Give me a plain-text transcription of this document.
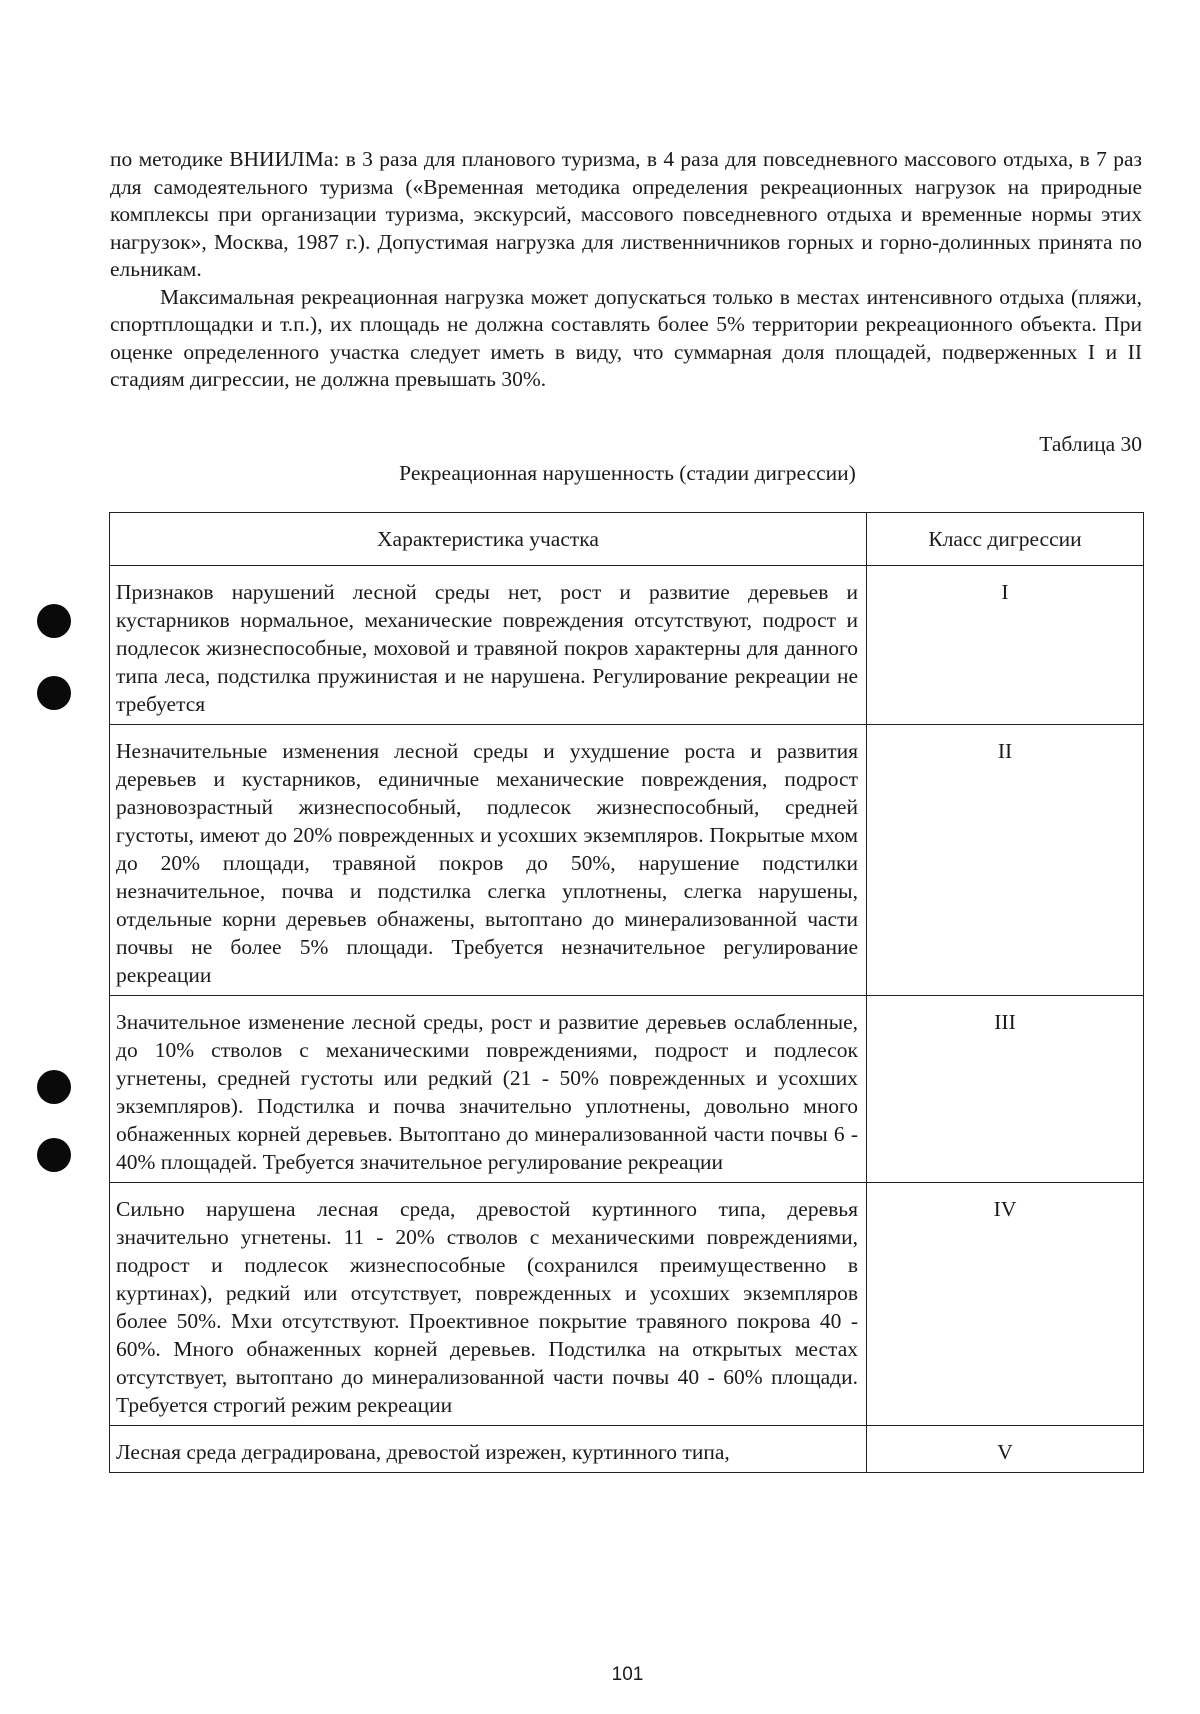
по методике ВНИИЛМа: в 3 раза для планового туризма, в 4 раза для повседневного массового отдыха, в 7 раз для самодеятельного туризма («Временная методика определения рекреационных нагрузок на природные комплексы при организации туризма, экскурсий, массового повседневного отдыха и временные нормы этих нагрузок», Москва, 1987 г.). Допустимая нагрузка для лиственничников горных и горно-долинных принята по ельникам.

Максимальная рекреационная нагрузка может допускаться только в местах интенсивного отдыха (пляжи, спортплощадки и т.п.), их площадь не должна составлять более 5% территории рекреационного объекта. При оценке определенного участка следует иметь в виду, что суммарная доля площадей, подверженных I и II стадиям дигрессии, не должна превышать 30%.

Таблица 30
Рекреационная нарушенность (стадии дигрессии)
Характеристика участка	Класс дигрессии
Признаков нарушений лесной среды нет, рост и развитие деревьев и кустарников нормальное, механические повреждения отсутствуют, подрост и подлесок жизнеспособные, моховой и травяной покров характерны для данного типа леса, подстилка пружинистая и не нарушена. Регулирование рекреации не требуется	I
Незначительные изменения лесной среды и ухудшение роста и развития деревьев и кустарников, единичные механические повреждения, подрост разновозрастный жизнеспособный, подлесок жизнеспособный, средней густоты, имеют до 20% поврежденных и усохших экземпляров. Покрытые мхом до 20% площади, травяной покров до 50%, нарушение подстилки незначительное, почва и подстилка слегка уплотнены, слегка нарушены, отдельные корни деревьев обнажены, вытоптано до минерализованной части почвы не более 5% площади. Требуется незначительное регулирование рекреации	II
Значительное изменение лесной среды, рост и развитие деревьев ослабленные, до 10% стволов с механическими повреждениями, подрост и подлесок угнетены, средней густоты или редкий (21 - 50% поврежденных и усохших экземпляров). Подстилка и почва значительно уплотнены, довольно много обнаженных корней деревьев. Вытоптано до минерализованной части почвы 6 - 40% площадей. Требуется значительное регулирование рекреации	III
Сильно нарушена лесная среда, древостой куртинного типа, деревья значительно угнетены. 11 - 20% стволов с механическими повреждениями, подрост и подлесок жизнеспособные (сохранился преимущественно в куртинах), редкий или отсутствует, поврежденных и усохших экземпляров более 50%. Мхи отсутствуют. Проективное покрытие травяного покрова 40 - 60%. Много обнаженных корней деревьев. Подстилка на открытых местах отсутствует, вытоптано до минерализованной части почвы 40 - 60% площади. Требуется строгий режим рекреации	IV
Лесная среда деградирована, древостой изрежен, куртинного типа,	V
101
